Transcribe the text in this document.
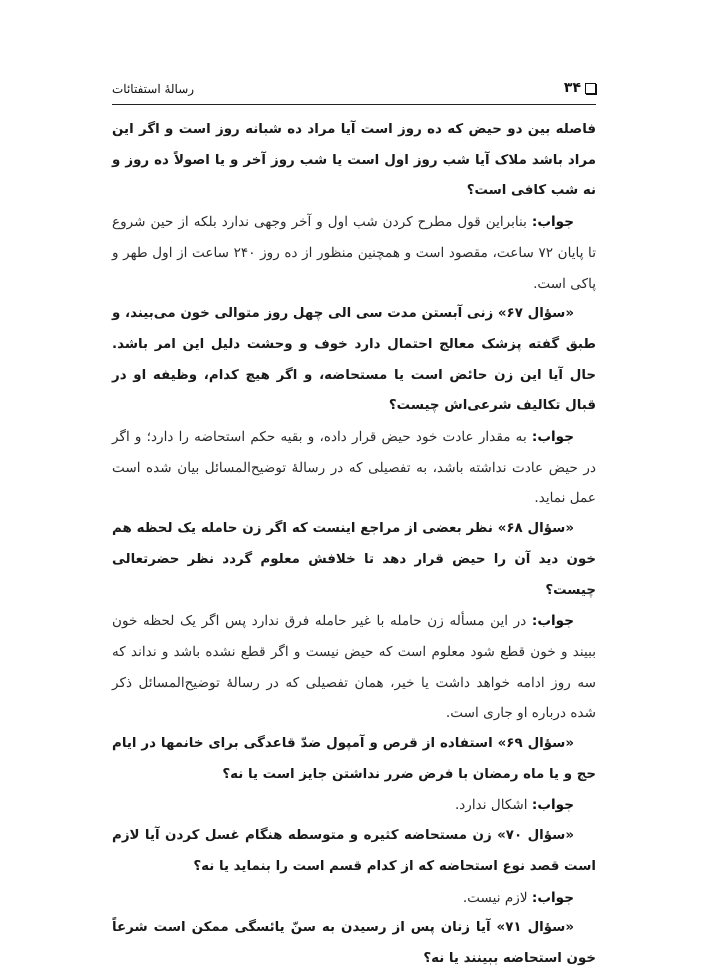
۳۴
رسالهٔ استفتائات

فاصله بین دو حیض که ده روز است آیا مراد ده شبانه روز است و اگر این مراد باشد ملاک آیا شب روز اول است یا شب روز آخر و یا اصولاً ده روز و نه شب کافی است؟

جواب: بنابراین قول مطرح کردن شب اول و آخر وجهی ندارد بلکه از حین شروع تا پایان ۷۲ ساعت، مقصود است و همچنین منظور از ده روز ۲۴۰ ساعت از اول طهر و پاکی است.

«سؤال ۶۷» زنی آبستن مدت سی الی چهل روز متوالی خون می‌بیند، و طبق گفته پزشک معالج احتمال دارد خوف و وحشت دلیل این امر باشد. حال آیا این زن حائض است یا مستحاضه، و اگر هیچ کدام، وظیفه او در قبال تکالیف شرعی‌اش چیست؟

جواب: به مقدار عادت خود حیض قرار داده، و بقیه حکم استحاضه را دارد؛ و اگر در حیض عادت نداشته باشد، به تفصیلی که در رسالهٔ توضیح‌المسائل بیان شده است عمل نماید.

«سؤال ۶۸» نظر بعضی از مراجع اینست که اگر زن حامله یک لحظه هم خون دید آن را حیض قرار دهد تا خلافش معلوم گردد نظر حضرتعالی چیست؟

جواب: در این مسأله زن حامله با غیر حامله فرق ندارد پس اگر یک لحظه خون ببیند و خون قطع شود معلوم است که حیض نیست و اگر قطع نشده باشد و نداند که سه روز ادامه خواهد داشت یا خیر، همان تفصیلی که در رسالهٔ توضیح‌المسائل ذکر شده درباره او جاری است.

«سؤال ۶۹» استفاده از قرص و آمپول ضدّ قاعدگی برای خانمها در ایام حج و یا ماه رمضان با فرض ضرر نداشتن جایز است یا نه؟

جواب: اشکال ندارد.

«سؤال ۷۰» زن مستحاضه کثیره و متوسطه هنگام غسل کردن آیا لازم است قصد نوع استحاضه که از کدام قسم است را بنماید یا نه؟

جواب: لازم نیست.

«سؤال ۷۱» آیا زنان پس از رسیدن به سنّ یائسگی ممکن است شرعاً خون استحاضه ببینند یا نه؟
